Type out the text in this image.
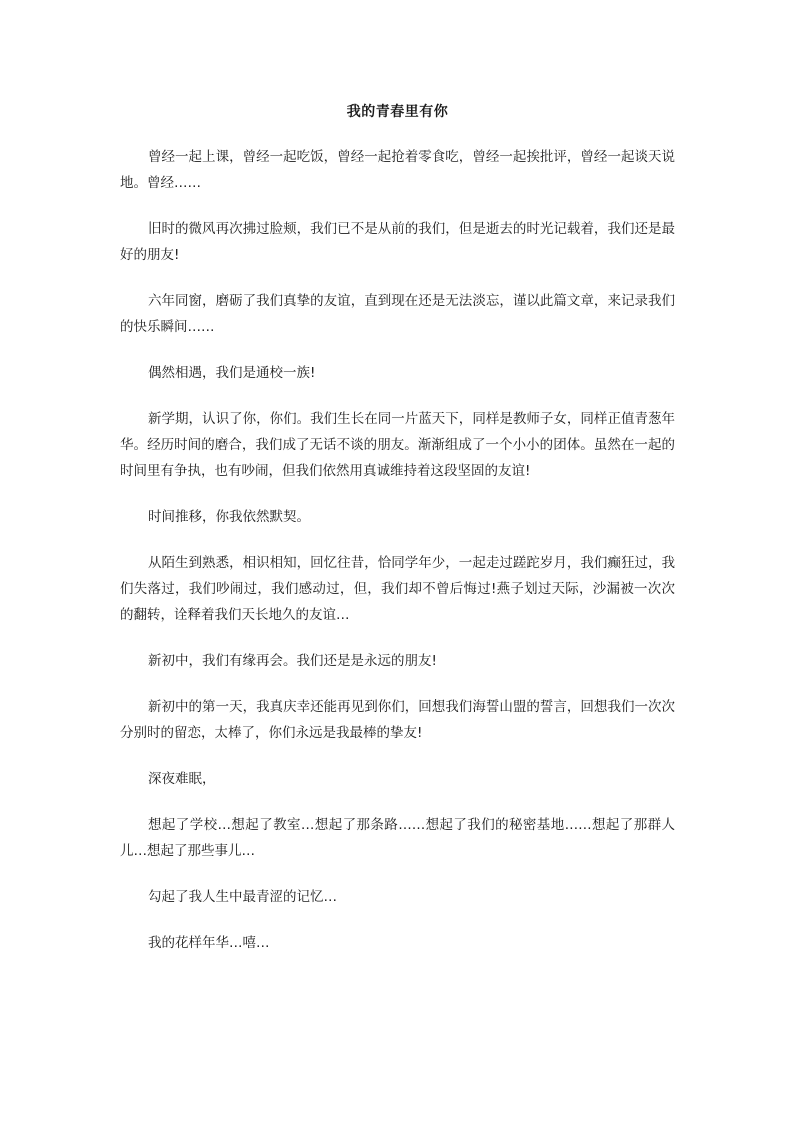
我的青春里有你

曾经一起上课，曾经一起吃饭，曾经一起抢着零食吃，曾经一起挨批评，曾经一起谈天说地。曾经……

旧时的微风再次拂过脸颊，我们已不是从前的我们，但是逝去的时光记载着，我们还是最好的朋友!

六年同窗，磨砺了我们真挚的友谊，直到现在还是无法淡忘，谨以此篇文章，来记录我们的快乐瞬间……

偶然相遇，我们是通校一族!

新学期，认识了你，你们。我们生长在同一片蓝天下，同样是教师子女，同样正值青葱年华。经历时间的磨合，我们成了无话不谈的朋友。渐渐组成了一个小小的团体。虽然在一起的时间里有争执，也有吵闹，但我们依然用真诚维持着这段坚固的友谊!

时间推移，你我依然默契。

从陌生到熟悉，相识相知，回忆往昔，恰同学年少，一起走过蹉跎岁月，我们癫狂过，我们失落过，我们吵闹过，我们感动过，但，我们却不曾后悔过!燕子划过天际，沙漏被一次次的翻转，诠释着我们天长地久的友谊…

新初中，我们有缘再会。我们还是是永远的朋友!

新初中的第一天，我真庆幸还能再见到你们，回想我们海誓山盟的誓言，回想我们一次次分别时的留恋，太棒了，你们永远是我最棒的挚友!

深夜难眠，

想起了学校…想起了教室…想起了那条路……想起了我们的秘密基地……想起了那群人儿…想起了那些事儿…

勾起了我人生中最青涩的记忆…

我的花样年华…嘻…
